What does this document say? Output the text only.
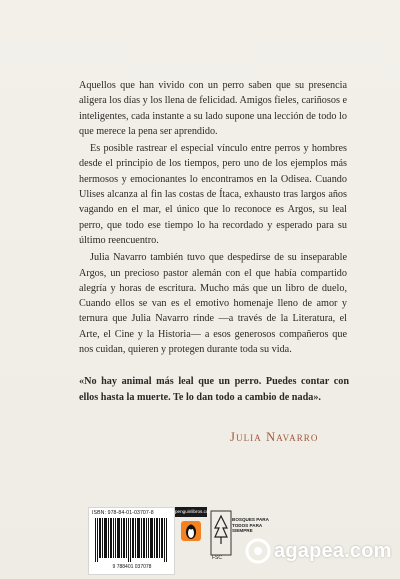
Aquellos que han vivido con un perro saben que su presencia aligera los días y los llena de felicidad. Amigos fieles, cariñosos e inteligentes, cada instante a su lado supone una lección de todo lo que merece la pena ser aprendido.

Es posible rastrear el especial vínculo entre perros y hombres desde el principio de los tiempos, pero uno de los ejemplos más hermosos y emocionantes lo encontramos en la Odisea. Cuando Ulises alcanza al fin las costas de Ítaca, exhausto tras largos años vagando en el mar, el único que lo reconoce es Argos, su leal perro, que todo ese tiempo lo ha recordado y esperado para su último reencuentro.

Julia Navarro también tuvo que despedirse de su inseparable Argos, un precioso pastor alemán con el que había compartido alegría y horas de escritura. Mucho más que un libro de duelo, Cuando ellos se van es el emotivo homenaje lleno de amor y ternura que Julia Navarro rinde —a través de la Literatura, el Arte, el Cine y la Historia— a esos generosos compañeros que nos cuidan, quieren y protegen durante toda su vida.

«No hay animal más leal que un perro. Puedes contar con ellos hasta la muerte. Te lo dan todo a cambio de nada».
Julia Navarro
ISBN: 978-84-01-03707-8
9 788401 037078
penguinlibros.com
FSC
BOSQUES PARA TODOS PARA SIEMPRE
agapea.com
